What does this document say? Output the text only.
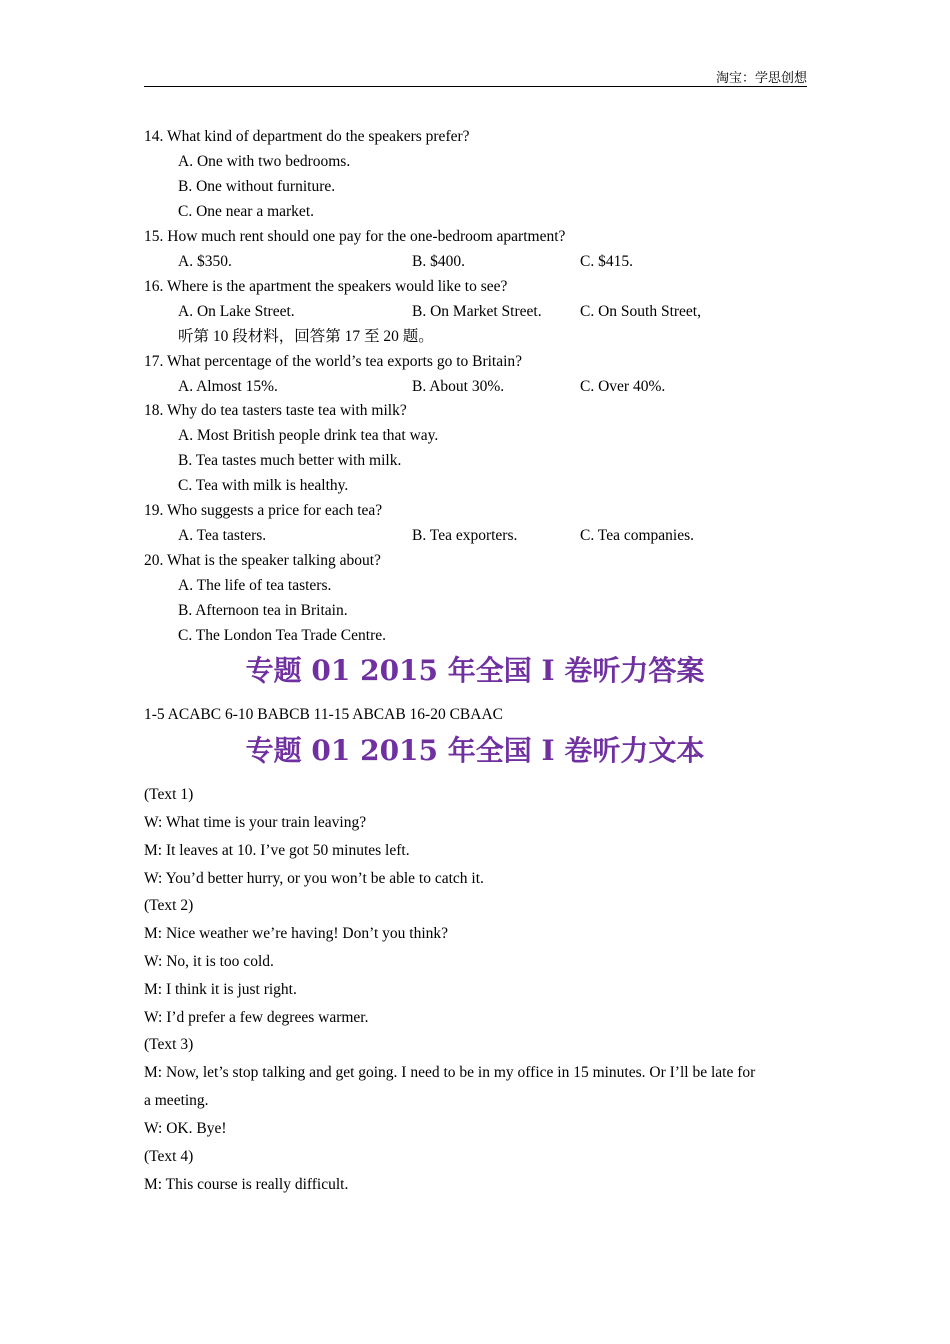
淘宝：学思创想
14. What kind of department do the speakers prefer?
A. One with two bedrooms.
B. One without furniture.
C. One near a market.
15. How much rent should one pay for the one-bedroom apartment?
A. $350.	B. $400.	C. $415.
16. Where is the apartment the speakers would like to see?
A. On Lake Street.	B. On Market Street. C. On South Street,
听第 10 段材料，回答第 17 至 20 题。
17. What percentage of the world’s tea exports go to Britain?
A. Almost 15%.	B. About 30%.	C. Over 40%.
18. Why do tea tasters taste tea with milk?
A. Most British people drink tea that way.
B. Tea tastes much better with milk.
C. Tea with milk is healthy.
19. Who suggests a price for each tea?
A. Tea tasters.	B. Tea exporters.	C. Tea companies.
20. What is the speaker talking about?
A. The life of tea tasters.
B. Afternoon tea in Britain.
C. The London Tea Trade Centre.
专题 01 2015 年全国 I 卷听力答案
1-5 ACABC 6-10 BABCB 11-15 ABCAB 16-20 CBAAC
专题 01 2015 年全国 I 卷听力文本
(Text 1)
W: What time is your train leaving?
M: It leaves at 10. I’ve got 50 minutes left.
W: You’d better hurry, or you won’t be able to catch it.
(Text 2)
M: Nice weather we’re having! Don’t you think?
W: No, it is too cold.
M: I think it is just right.
W: I’d prefer a few degrees warmer.
(Text 3)
M: Now, let’s stop talking and get going. I need to be in my office in 15 minutes. Or I’ll be late for
a meeting.
W: OK. Bye!
(Text 4)
M: This course is really difficult.
